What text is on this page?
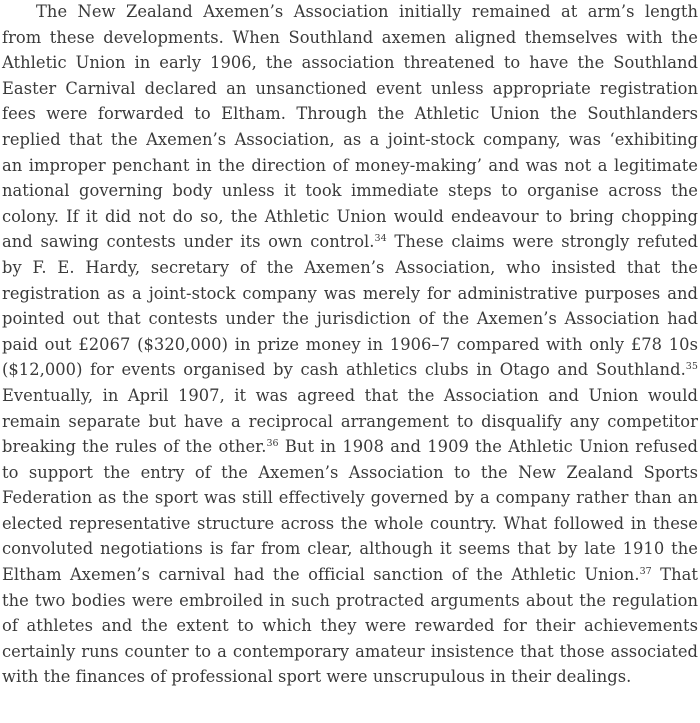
The New Zealand Axemen’s Association initially remained at arm’s length
from these developments. When Southland axemen aligned themselves with the
Athletic Union in early 1906, the association threatened to have the Southland
Easter Carnival declared an unsanctioned event unless appropriate registration
fees were forwarded to Eltham. Through the Athletic Union the Southlanders
replied that the Axemen’s Association, as a joint-stock company, was ‘exhibiting
an improper penchant in the direction of money-making’ and was not a legitimate
national governing body unless it took immediate steps to organise across the
colony. If it did not do so, the Athletic Union would endeavour to bring chopping
and sawing contests under its own control.$^{34}$ These claims were strongly refuted
by F. E. Hardy, secretary of the Axemen’s Association, who insisted that the
registration as a joint-stock company was merely for administrative purposes and
pointed out that contests under the jurisdiction of the Axemen’s Association had
paid out £2067 ($320,000) in prize money in 1906–7 compared with only £78 10s
($12,000) for events organised by cash athletics clubs in Otago and Southland.$^{35}$
Eventually, in April 1907, it was agreed that the Association and Union would
remain separate but have a reciprocal arrangement to disqualify any competitor
breaking the rules of the other.$^{36}$ But in 1908 and 1909 the Athletic Union refused
to support the entry of the Axemen’s Association to the New Zealand Sports
Federation as the sport was still effectively governed by a company rather than an
elected representative structure across the whole country. What followed in these
convoluted negotiations is far from clear, although it seems that by late 1910 the
Eltham Axemen’s carnival had the official sanction of the Athletic Union.$^{37}$ That
the two bodies were embroiled in such protracted arguments about the regulation
of athletes and the extent to which they were rewarded for their achievements
certainly runs counter to a contemporary amateur insistence that those associated
with the finances of professional sport were unscrupulous in their dealings.
